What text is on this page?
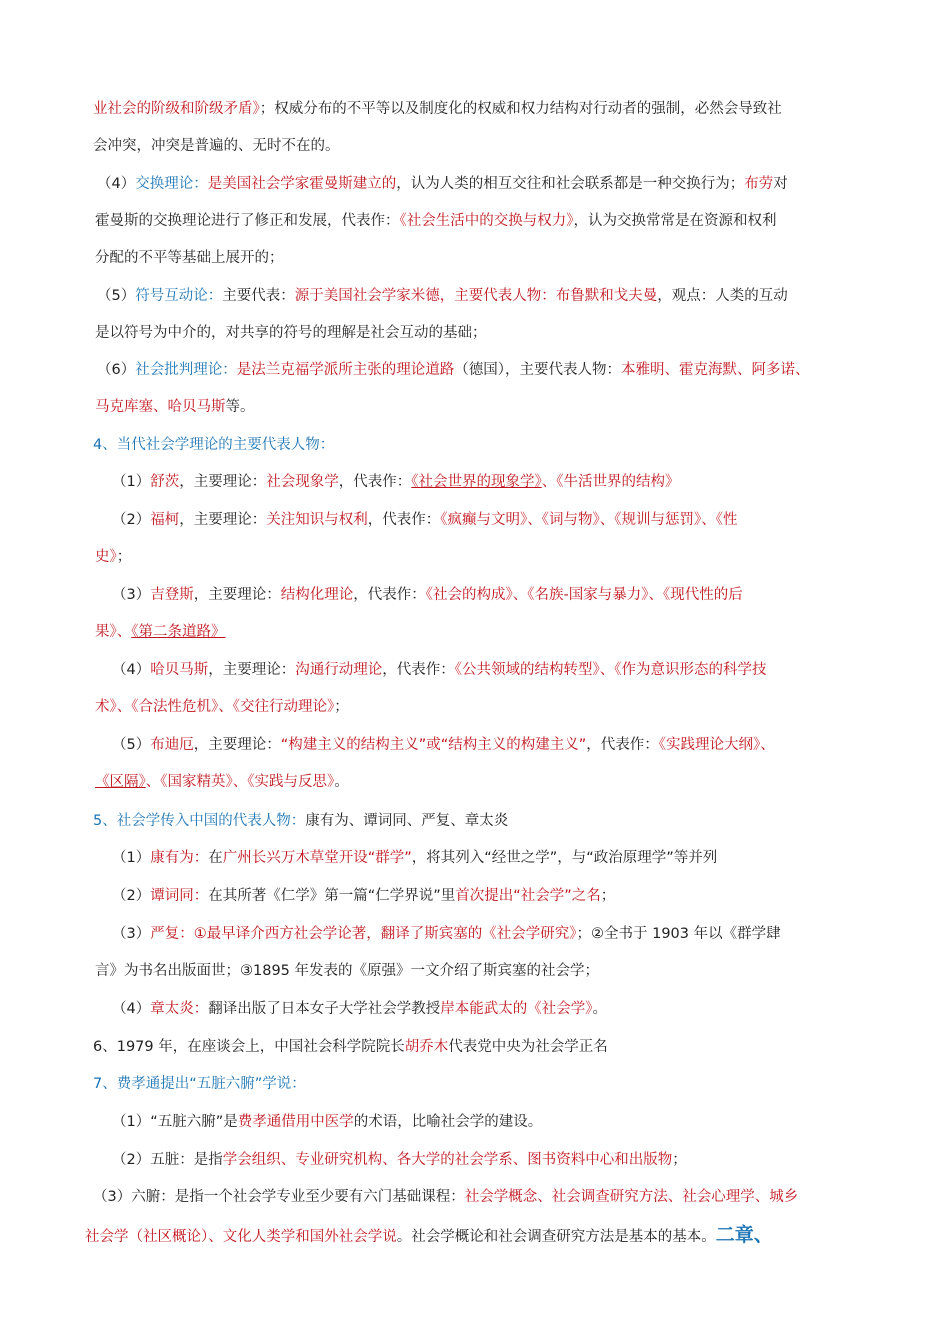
业社会的阶级和阶级矛盾》；权威分布的不平等以及制度化的权威和权力结构对行动者的强制，必然会导致社
会冲突，冲突是普遍的、无时不在的。
（4）交换理论：是美国社会学家霍曼斯建立的，认为人类的相互交往和社会联系都是一种交换行为；布劳对
霍曼斯的交换理论进行了修正和发展，代表作：《社会生活中的交换与权力》，认为交换常常是在资源和权利
分配的不平等基础上展开的；
（5）符号互动论：主要代表：源于美国社会学家米德，主要代表人物：布鲁默和戈夫曼，观点：人类的互动
是以符号为中介的，对共享的符号的理解是社会互动的基础；
（6）社会批判理论：是法兰克福学派所主张的理论道路（德国），主要代表人物：本雅明、霍克海默、阿多诺、
马克库塞、哈贝马斯等。
4、当代社会学理论的主要代表人物：
（1）舒茨，主要理论：社会现象学，代表作：《社会世界的现象学》、《牛活世界的结构》
（2）福柯，主要理论：关注知识与权利，代表作：《疯癫与文明》、《词与物》、《规训与惩罚》、《性
史》；
（3）吉登斯，主要理论：结构化理论，代表作：《社会的构成》、《名族-国家与暴力》、《现代性的后
果》、《第二条道路》
（4）哈贝马斯，主要理论：沟通行动理论，代表作：《公共领域的结构转型》、《作为意识形态的科学技
术》、《合法性危机》、《交往行动理论》；
（5）布迪厄，主要理论：“构建主义的结构主义”或“结构主义的构建主义”，代表作：《实践理论大纲》、
《区隔》、《国家精英》、《实践与反思》。
5、社会学传入中国的代表人物：康有为、谭词同、严复、章太炎
（1）康有为：在广州长兴万木草堂开设“群学”，将其列入“经世之学”，与“政治原理学”等并列
（2）谭词同：在其所著《仁学》第一篇“仁学界说”里首次提出“社会学”之名；
（3）严复：①最早译介西方社会学论著，翻译了斯宾塞的《社会学研究》；②全书于 1903 年以《群学肆
言》为书名出版面世；③1895 年发表的《原强》一文介绍了斯宾塞的社会学；
（4）章太炎：翻译出版了日本女子大学社会学教授岸本能武太的《社会学》。
6、1979 年，在座谈会上，中国社会科学院院长胡乔木代表党中央为社会学正名
7、费孝通提出“五脏六腑”学说：
（1）“五脏六腑”是费孝通借用中医学的术语，比喻社会学的建设。
（2）五脏：是指学会组织、专业研究机构、各大学的社会学系、图书资料中心和出版物；
（3）六腑：是指一个社会学专业至少要有六门基础课程：社会学概念、社会调查研究方法、社会心理学、城乡
社会学（社区概论）、文化人类学和国外社会学说。社会学概论和社会调查研究方法是基本的基本。二章、
